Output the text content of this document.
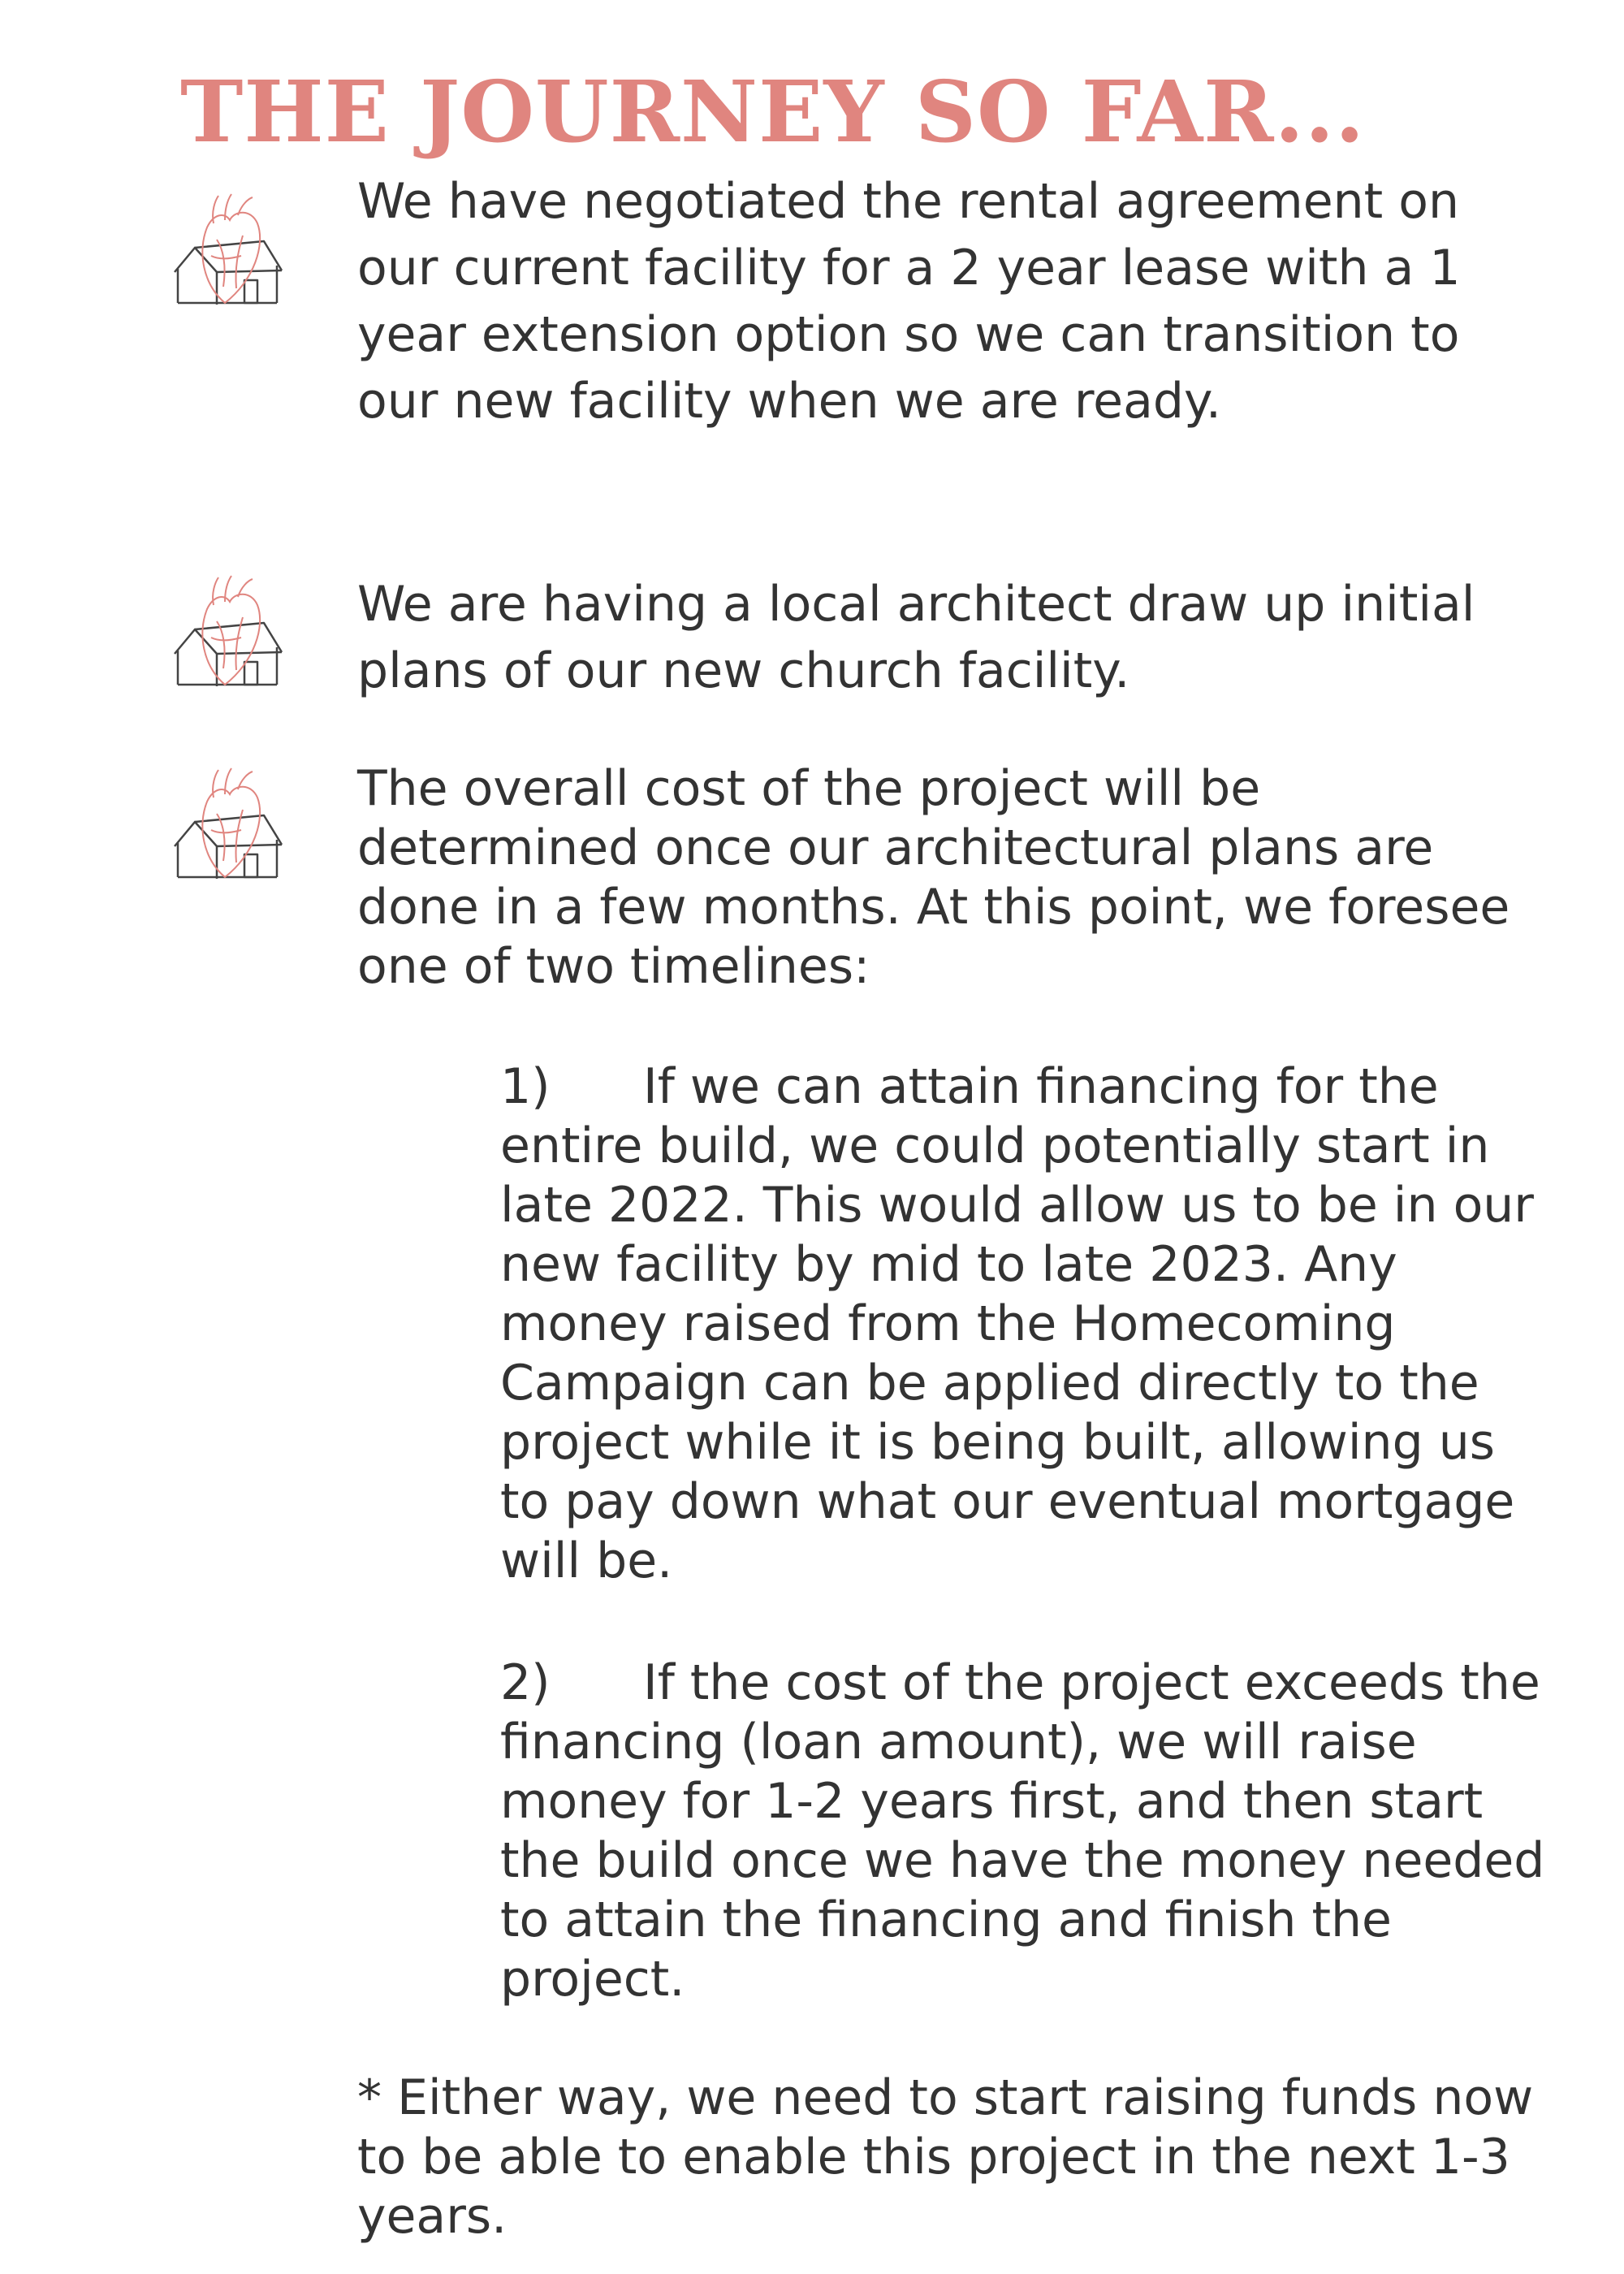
THE JOURNEY SO FAR...

We have negotiated the rental agreement on our current facility for a 2 year lease with a 1 year extension option so we can transition to our new facility when we are ready.

We are having a local architect draw up initial plans of our new church facility.

The overall cost of the project will be determined once our architectural plans are done in a few months. At this point, we foresee one of two timelines:

1) If we can attain financing for the entire build, we could potentially start in late 2022. This would allow us to be in our new facility by mid to late 2023. Any money raised from the Homecoming Campaign can be applied directly to the project while it is being built, allowing us to pay down what our eventual mortgage will be.

2) If the cost of the project exceeds the financing (loan amount), we will raise money for 1-2 years first, and then start the build once we have the money needed to attain the financing and finish the project.

* Either way, we need to start raising funds now to be able to enable this project in the next 1-3 years.
